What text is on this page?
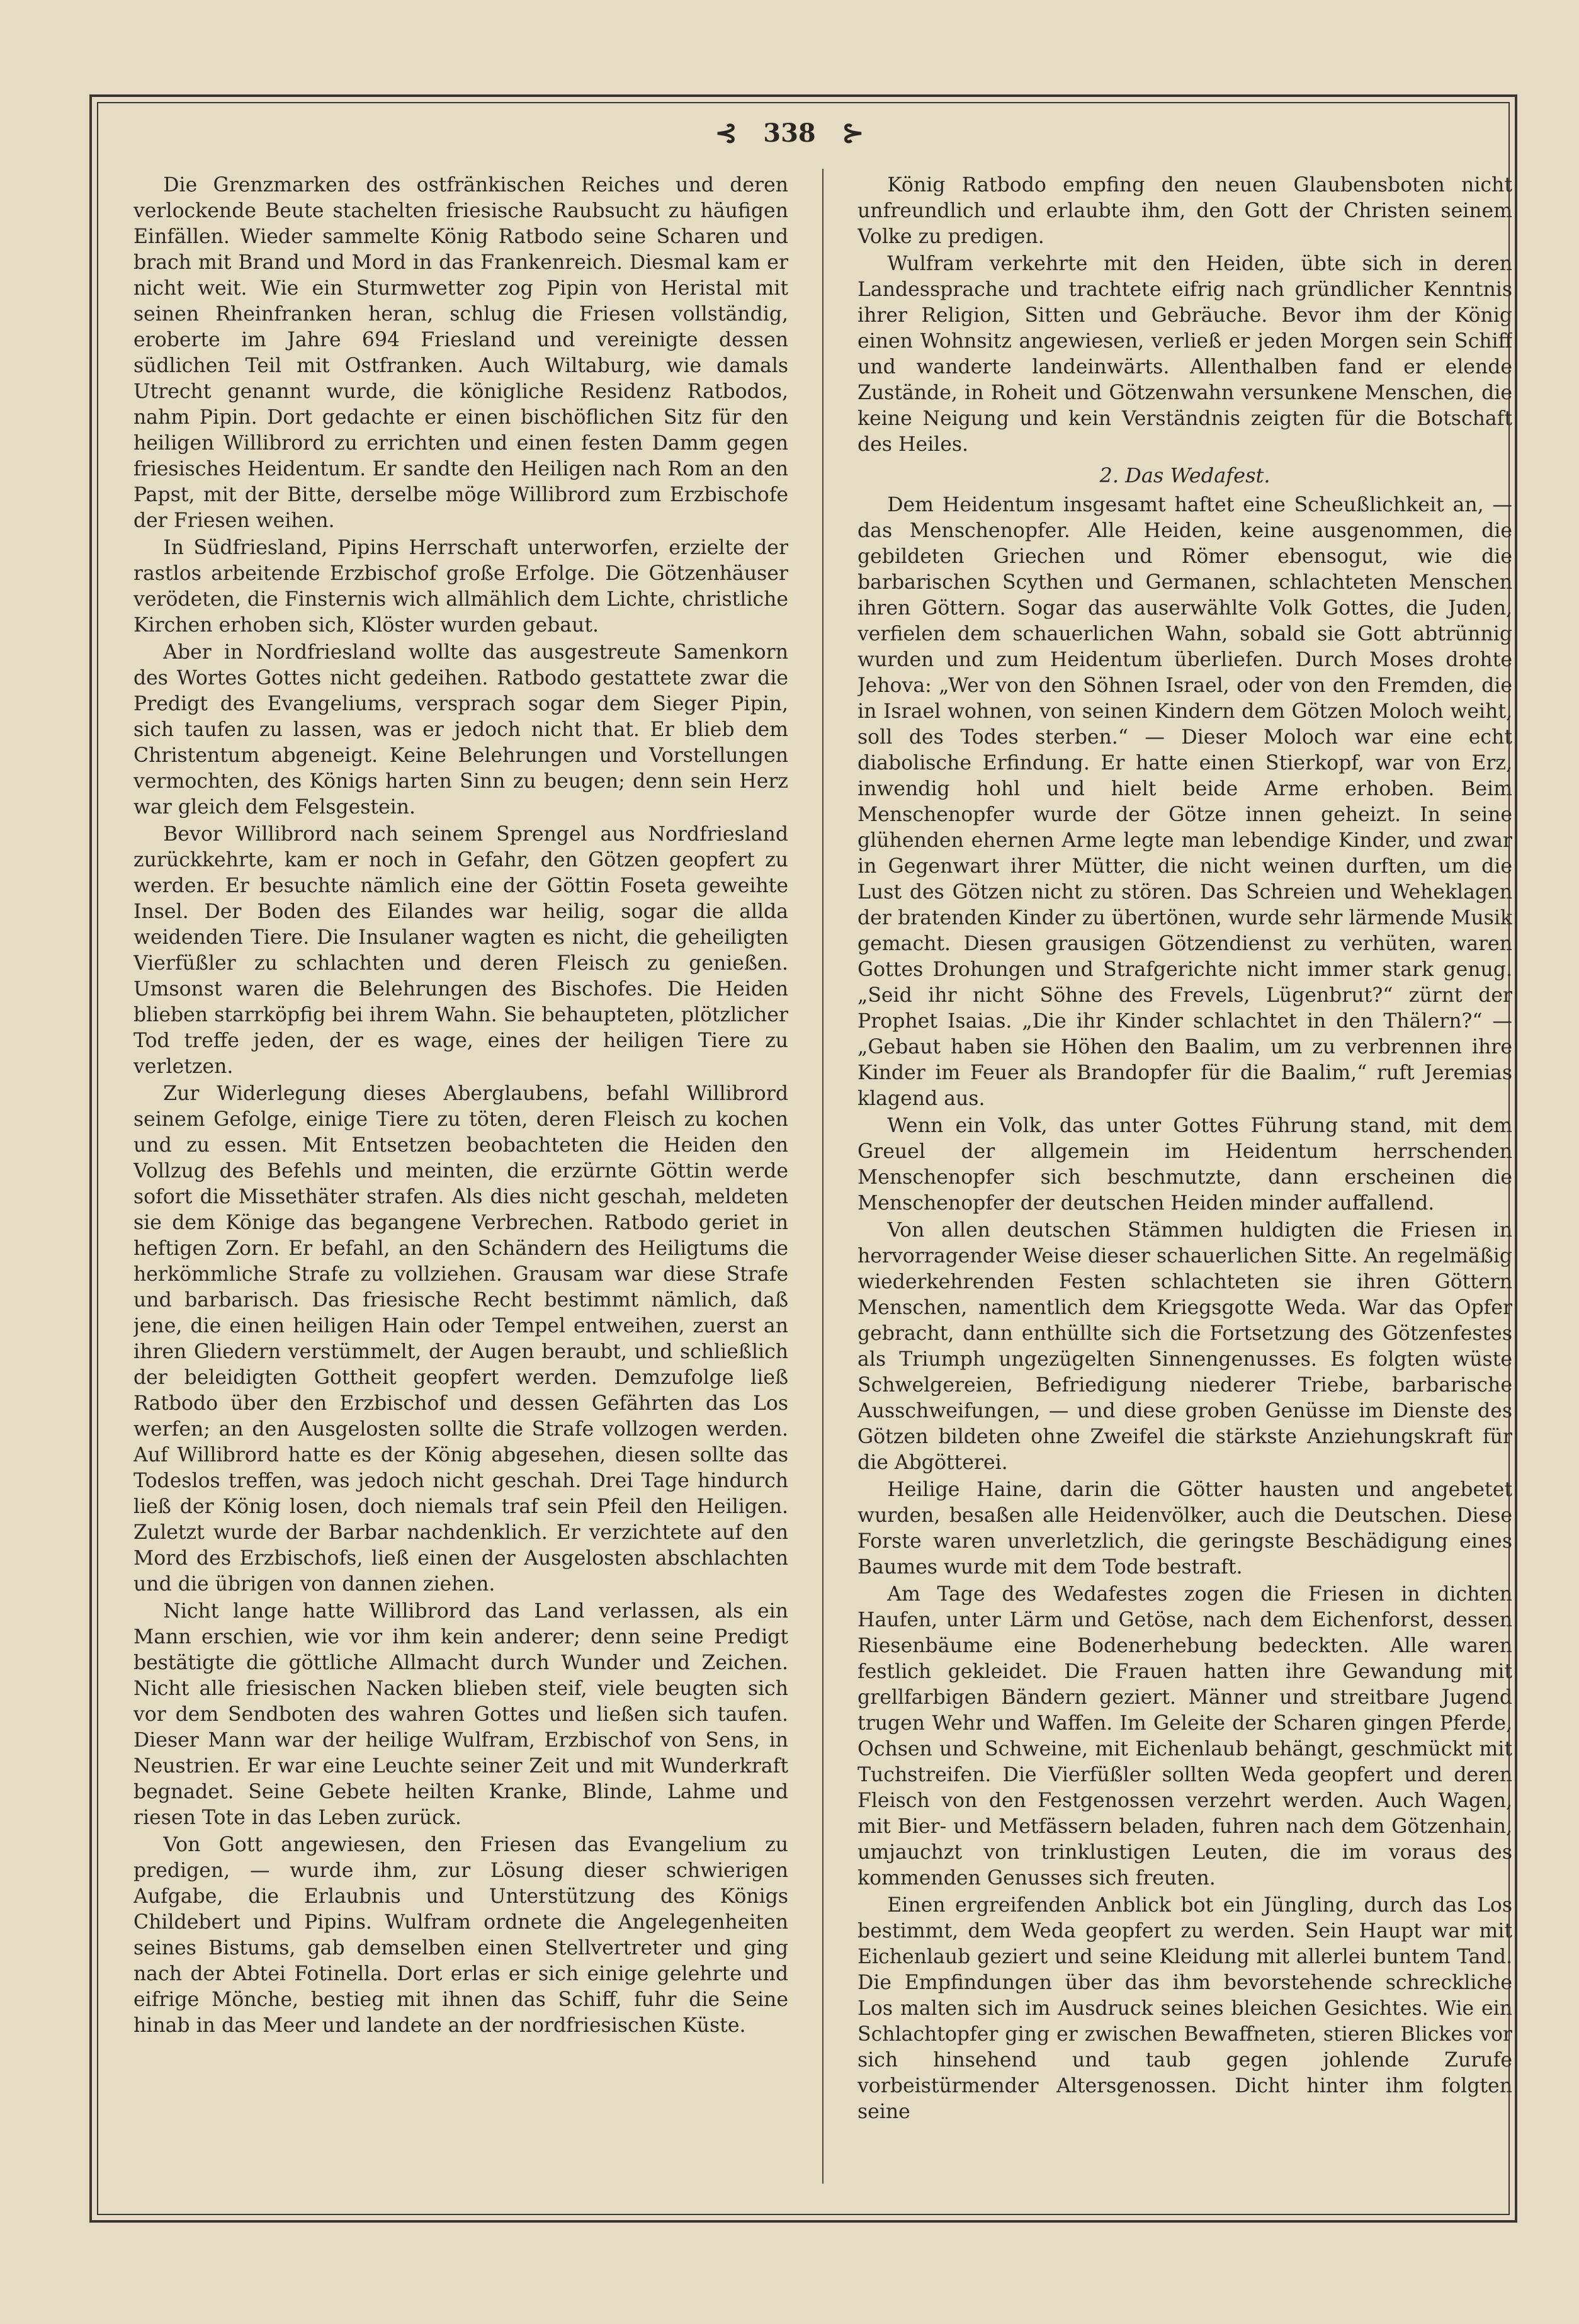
⊰ 338 ⊱

Die Grenzmarken des ostfränkischen Reiches und deren verlockende Beute stachelten friesische Raubsucht zu häufigen Einfällen. Wieder sammelte König Ratbodo seine Scharen und brach mit Brand und Mord in das Frankenreich. Diesmal kam er nicht weit. Wie ein Sturmwetter zog Pipin von Heristal mit seinen Rheinfranken heran, schlug die Friesen vollständig, eroberte im Jahre 694 Friesland und vereinigte dessen südlichen Teil mit Ostfranken. Auch Wiltaburg, wie damals Utrecht genannt wurde, die königliche Residenz Ratbodos, nahm Pipin. Dort gedachte er einen bischöflichen Sitz für den heiligen Willibrord zu errichten und einen festen Damm gegen friesisches Heidentum. Er sandte den Heiligen nach Rom an den Papst, mit der Bitte, derselbe möge Willibrord zum Erzbischofe der Friesen weihen.

In Südfriesland, Pipins Herrschaft unterworfen, erzielte der rastlos arbeitende Erzbischof große Erfolge. Die Götzenhäuser verödeten, die Finsternis wich allmählich dem Lichte, christliche Kirchen erhoben sich, Klöster wurden gebaut.

Aber in Nordfriesland wollte das ausgestreute Samenkorn des Wortes Gottes nicht gedeihen. Ratbodo gestattete zwar die Predigt des Evangeliums, versprach sogar dem Sieger Pipin, sich taufen zu lassen, was er jedoch nicht that. Er blieb dem Christentum abgeneigt. Keine Belehrungen und Vorstellungen vermochten, des Königs harten Sinn zu beugen; denn sein Herz war gleich dem Felsgestein.

Bevor Willibrord nach seinem Sprengel aus Nordfriesland zurückkehrte, kam er noch in Gefahr, den Götzen geopfert zu werden. Er besuchte nämlich eine der Göttin Foseta geweihte Insel. Der Boden des Eilandes war heilig, sogar die allda weidenden Tiere. Die Insulaner wagten es nicht, die geheiligten Vierfüßler zu schlachten und deren Fleisch zu genießen. Umsonst waren die Belehrungen des Bischofes. Die Heiden blieben starrköpfig bei ihrem Wahn. Sie behaupteten, plötzlicher Tod treffe jeden, der es wage, eines der heiligen Tiere zu verletzen.

Zur Widerlegung dieses Aberglaubens, befahl Willibrord seinem Gefolge, einige Tiere zu töten, deren Fleisch zu kochen und zu essen. Mit Entsetzen beobachteten die Heiden den Vollzug des Befehls und meinten, die erzürnte Göttin werde sofort die Missethäter strafen. Als dies nicht geschah, meldeten sie dem Könige das begangene Verbrechen. Ratbodo geriet in heftigen Zorn. Er befahl, an den Schändern des Heiligtums die herkömmliche Strafe zu vollziehen. Grausam war diese Strafe und barbarisch. Das friesische Recht bestimmt nämlich, daß jene, die einen heiligen Hain oder Tempel entweihen, zuerst an ihren Gliedern verstümmelt, der Augen beraubt, und schließlich der beleidigten Gottheit geopfert werden. Demzufolge ließ Ratbodo über den Erzbischof und dessen Gefährten das Los werfen; an den Ausgelosten sollte die Strafe vollzogen werden. Auf Willibrord hatte es der König abgesehen, diesen sollte das Todeslos treffen, was jedoch nicht geschah. Drei Tage hindurch ließ der König losen, doch niemals traf sein Pfeil den Heiligen. Zuletzt wurde der Barbar nachdenklich. Er verzichtete auf den Mord des Erzbischofs, ließ einen der Ausgelosten abschlachten und die übrigen von dannen ziehen.

Nicht lange hatte Willibrord das Land verlassen, als ein Mann erschien, wie vor ihm kein anderer; denn seine Predigt bestätigte die göttliche Allmacht durch Wunder und Zeichen. Nicht alle friesischen Nacken blieben steif, viele beugten sich vor dem Sendboten des wahren Gottes und ließen sich taufen. Dieser Mann war der heilige Wulfram, Erzbischof von Sens, in Neustrien. Er war eine Leuchte seiner Zeit und mit Wunderkraft begnadet. Seine Gebete heilten Kranke, Blinde, Lahme und riesen Tote in das Leben zurück.

Von Gott angewiesen, den Friesen das Evangelium zu predigen, — wurde ihm, zur Lösung dieser schwierigen Aufgabe, die Erlaubnis und Unterstützung des Königs Childebert und Pipins. Wulfram ordnete die Angelegenheiten seines Bistums, gab demselben einen Stellvertreter und ging nach der Abtei Fotinella. Dort erlas er sich einige gelehrte und eifrige Mönche, bestieg mit ihnen das Schiff, fuhr die Seine hinab in das Meer und landete an der nordfriesischen Küste.

König Ratbodo empfing den neuen Glaubensboten nicht unfreundlich und erlaubte ihm, den Gott der Christen seinem Volke zu predigen.

Wulfram verkehrte mit den Heiden, übte sich in deren Landessprache und trachtete eifrig nach gründlicher Kenntnis ihrer Religion, Sitten und Gebräuche. Bevor ihm der König einen Wohnsitz angewiesen, verließ er jeden Morgen sein Schiff und wanderte landeinwärts. Allenthalben fand er elende Zustände, in Roheit und Götzenwahn versunkene Menschen, die keine Neigung und kein Verständnis zeigten für die Botschaft des Heiles.

2. Das Wedafest.

Dem Heidentum insgesamt haftet eine Scheußlichkeit an, — das Menschenopfer. Alle Heiden, keine ausgenommen, die gebildeten Griechen und Römer ebensogut, wie die barbarischen Scythen und Germanen, schlachteten Menschen ihren Göttern. Sogar das auserwählte Volk Gottes, die Juden, verfielen dem schauerlichen Wahn, sobald sie Gott abtrünnig wurden und zum Heidentum überliefen. Durch Moses drohte Jehova: „Wer von den Söhnen Israel, oder von den Fremden, die in Israel wohnen, von seinen Kindern dem Götzen Moloch weiht, soll des Todes sterben.“ — Dieser Moloch war eine echt diabolische Erfindung. Er hatte einen Stierkopf, war von Erz, inwendig hohl und hielt beide Arme erhoben. Beim Menschenopfer wurde der Götze innen geheizt. In seine glühenden ehernen Arme legte man lebendige Kinder, und zwar in Gegenwart ihrer Mütter, die nicht weinen durften, um die Lust des Götzen nicht zu stören. Das Schreien und Weheklagen der bratenden Kinder zu übertönen, wurde sehr lärmende Musik gemacht. Diesen grausigen Götzendienst zu verhüten, waren Gottes Drohungen und Strafgerichte nicht immer stark genug. „Seid ihr nicht Söhne des Frevels, Lügenbrut?“ zürnt der Prophet Isaias. „Die ihr Kinder schlachtet in den Thälern?“ — „Gebaut haben sie Höhen den Baalim, um zu verbrennen ihre Kinder im Feuer als Brandopfer für die Baalim,“ ruft Jeremias klagend aus.

Wenn ein Volk, das unter Gottes Führung stand, mit dem Greuel der allgemein im Heidentum herrschenden Menschenopfer sich beschmutzte, dann erscheinen die Menschenopfer der deutschen Heiden minder auffallend.

Von allen deutschen Stämmen huldigten die Friesen in hervorragender Weise dieser schauerlichen Sitte. An regelmäßig wiederkehrenden Festen schlachteten sie ihren Göttern Menschen, namentlich dem Kriegsgotte Weda. War das Opfer gebracht, dann enthüllte sich die Fortsetzung des Götzenfestes als Triumph ungezügelten Sinnengenusses. Es folgten wüste Schwelgereien, Befriedigung niederer Triebe, barbarische Ausschweifungen, — und diese groben Genüsse im Dienste des Götzen bildeten ohne Zweifel die stärkste Anziehungskraft für die Abgötterei.

Heilige Haine, darin die Götter hausten und angebetet wurden, besaßen alle Heidenvölker, auch die Deutschen. Diese Forste waren unverletzlich, die geringste Beschädigung eines Baumes wurde mit dem Tode bestraft.

Am Tage des Wedafestes zogen die Friesen in dichten Haufen, unter Lärm und Getöse, nach dem Eichenforst, dessen Riesenbäume eine Bodenerhebung bedeckten. Alle waren festlich gekleidet. Die Frauen hatten ihre Gewandung mit grellfarbigen Bändern geziert. Männer und streitbare Jugend trugen Wehr und Waffen. Im Geleite der Scharen gingen Pferde, Ochsen und Schweine, mit Eichenlaub behängt, geschmückt mit Tuchstreifen. Die Vierfüßler sollten Weda geopfert und deren Fleisch von den Festgenossen verzehrt werden. Auch Wagen, mit Bier- und Metfässern beladen, fuhren nach dem Götzenhain, umjauchzt von trinklustigen Leuten, die im voraus des kommenden Genusses sich freuten.

Einen ergreifenden Anblick bot ein Jüngling, durch das Los bestimmt, dem Weda geopfert zu werden. Sein Haupt war mit Eichenlaub geziert und seine Kleidung mit allerlei buntem Tand. Die Empfindungen über das ihm bevorstehende schreckliche Los malten sich im Ausdruck seines bleichen Gesichtes. Wie ein Schlachtopfer ging er zwischen Bewaffneten, stieren Blickes vor sich hinsehend und taub gegen johlende Zurufe vorbeistürmender Altersgenossen. Dicht hinter ihm folgten seine
